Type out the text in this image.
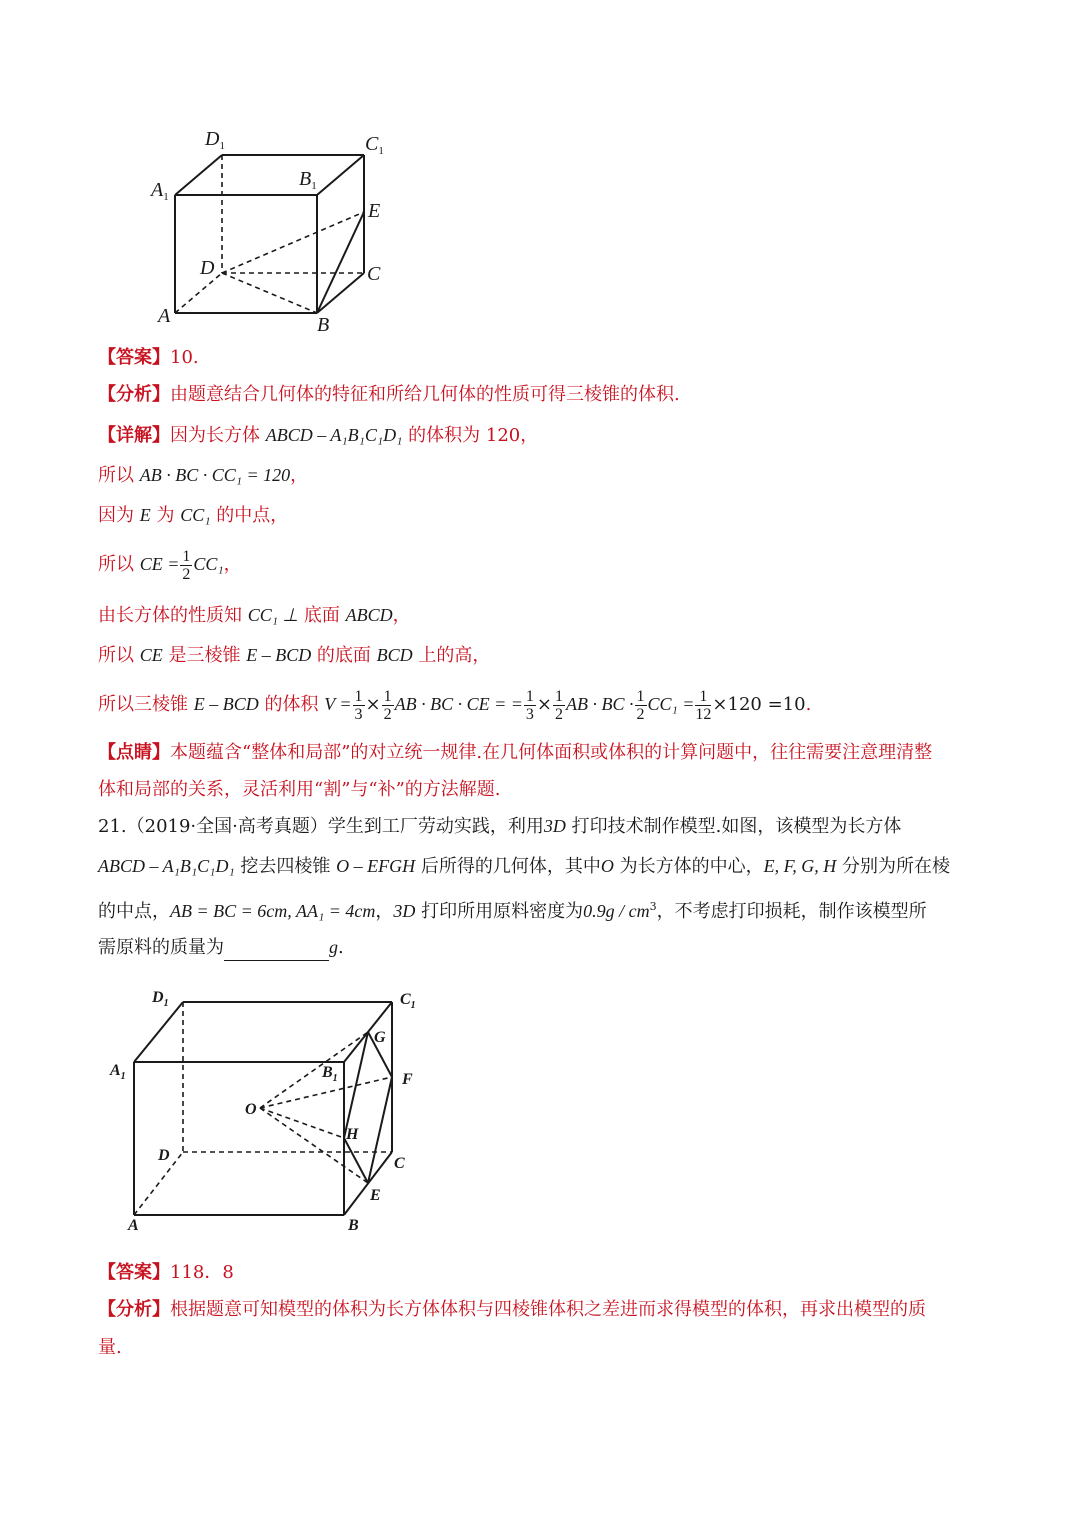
$D_1$	$C_1$
$A_1$
$B_1$
E
D	C
A	B
【答案】10.
【分析】由题意结合几何体的特征和所给几何体的性质可得三棱锥的体积.
【详解】因为长方体 ABCD – A₁B₁C₁D₁ 的体积为 120，
所以 AB · BC · CC₁ = 120，
因为 E 为 CC₁ 的中点，
所以 CE = $\frac{1}{2} CC_1$，
由长方体的性质知 CC₁ ⊥ 底面 ABCD，
所以 CE 是三棱锥 E – BCD 的底面 BCD 上的高，
所以三棱锥 E – BCD 的体积 $V = \frac{1}{3} \times \frac{1}{2}$ AB · BC · CE = = $\frac{1}{3} \times \frac{1}{2}$ AB · BC · $\frac{1}{2} CC_1 = \frac{1}{12} \times 120 =10$.
【点睛】本题蕴含“整体和局部”的对立统一规律.在几何体面积或体积的计算问题中，往往需要注意理清整
体和局部的关系，灵活利用“割”与“补”的方法解题.
21.（2019·全国·高考真题）学生到工厂劳动实践，利用3D 打印技术制作模型.如图，该模型为长方体
ABCD – A₁B₁C₁D₁ 挖去四棱锥 O – EFGH 后所得的几何体，其中O 为长方体的中心，E, F, G, H 分别为所在棱
的中点，AB = BC = 6cm, AA₁ = 4cm，3D 打印所用原料密度为$0.9g / cm^3$，不考虑打印损耗，制作该模型所
需原料的质量为	g.
$D_1$	$C_1$
$A_1$	$B_1$
G
F
O
H
D	C
E
A	B
【答案】118．8
【分析】根据题意可知模型的体积为长方体体积与四棱锥体积之差进而求得模型的体积，再求出模型的质
量.
